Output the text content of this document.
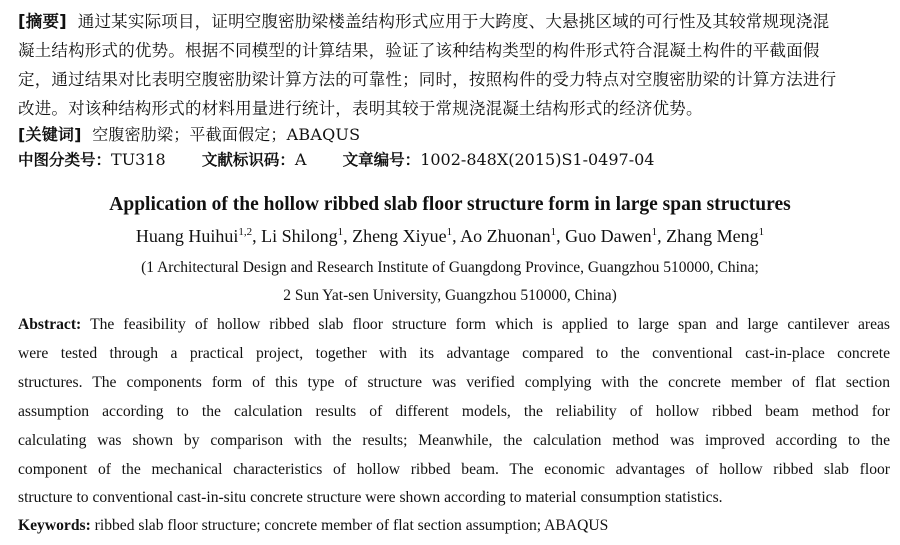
[摘要] 通过某实际项目，证明空腹密肋梁楼盖结构形式应用于大跨度、大悬挑区域的可行性及其较常规现浇混
凝土结构形式的优势。根据不同模型的计算结果，验证了该种结构类型的构件形式符合混凝土构件的平截面假
定，通过结果对比表明空腹密肋梁计算方法的可靠性；同时，按照构件的受力特点对空腹密肋梁的计算方法进行
改进。对该种结构形式的材料用量进行统计，表明其较于常规浇混凝土结构形式的经济优势。
[关键词] 空腹密肋梁；平截面假定；ABAQUS
中图分类号：TU318 文献标识码：A 文章编号：1002-848X(2015)S1-0497-04
Application of the hollow ribbed slab floor structure form in large span structures
Huang Huihui$^{1,2}$, Li Shilong$^1$, Zheng Xiyue$^1$, Ao Zhuonan$^1$, Guo Dawen$^1$, Zhang Meng$^1$
(1 Architectural Design and Research Institute of Guangdong Province, Guangzhou 510000, China;
2 Sun Yat-sen University, Guangzhou 510000, China)
Abstract: The feasibility of hollow ribbed slab floor structure form which is applied to large span and large cantilever areas
were tested through a practical project, together with its advantage compared to the conventional cast-in-place concrete
structures. The components form of this type of structure was verified complying with the concrete member of flat section
assumption according to the calculation results of different models, the reliability of hollow ribbed beam method for
calculating was shown by comparison with the results; Meanwhile, the calculation method was improved according to the
component of the mechanical characteristics of hollow ribbed beam. The economic advantages of hollow ribbed slab floor
structure to conventional cast-in-situ concrete structure were shown according to material consumption statistics.
Keywords: ribbed slab floor structure; concrete member of flat section assumption; ABAQUS
